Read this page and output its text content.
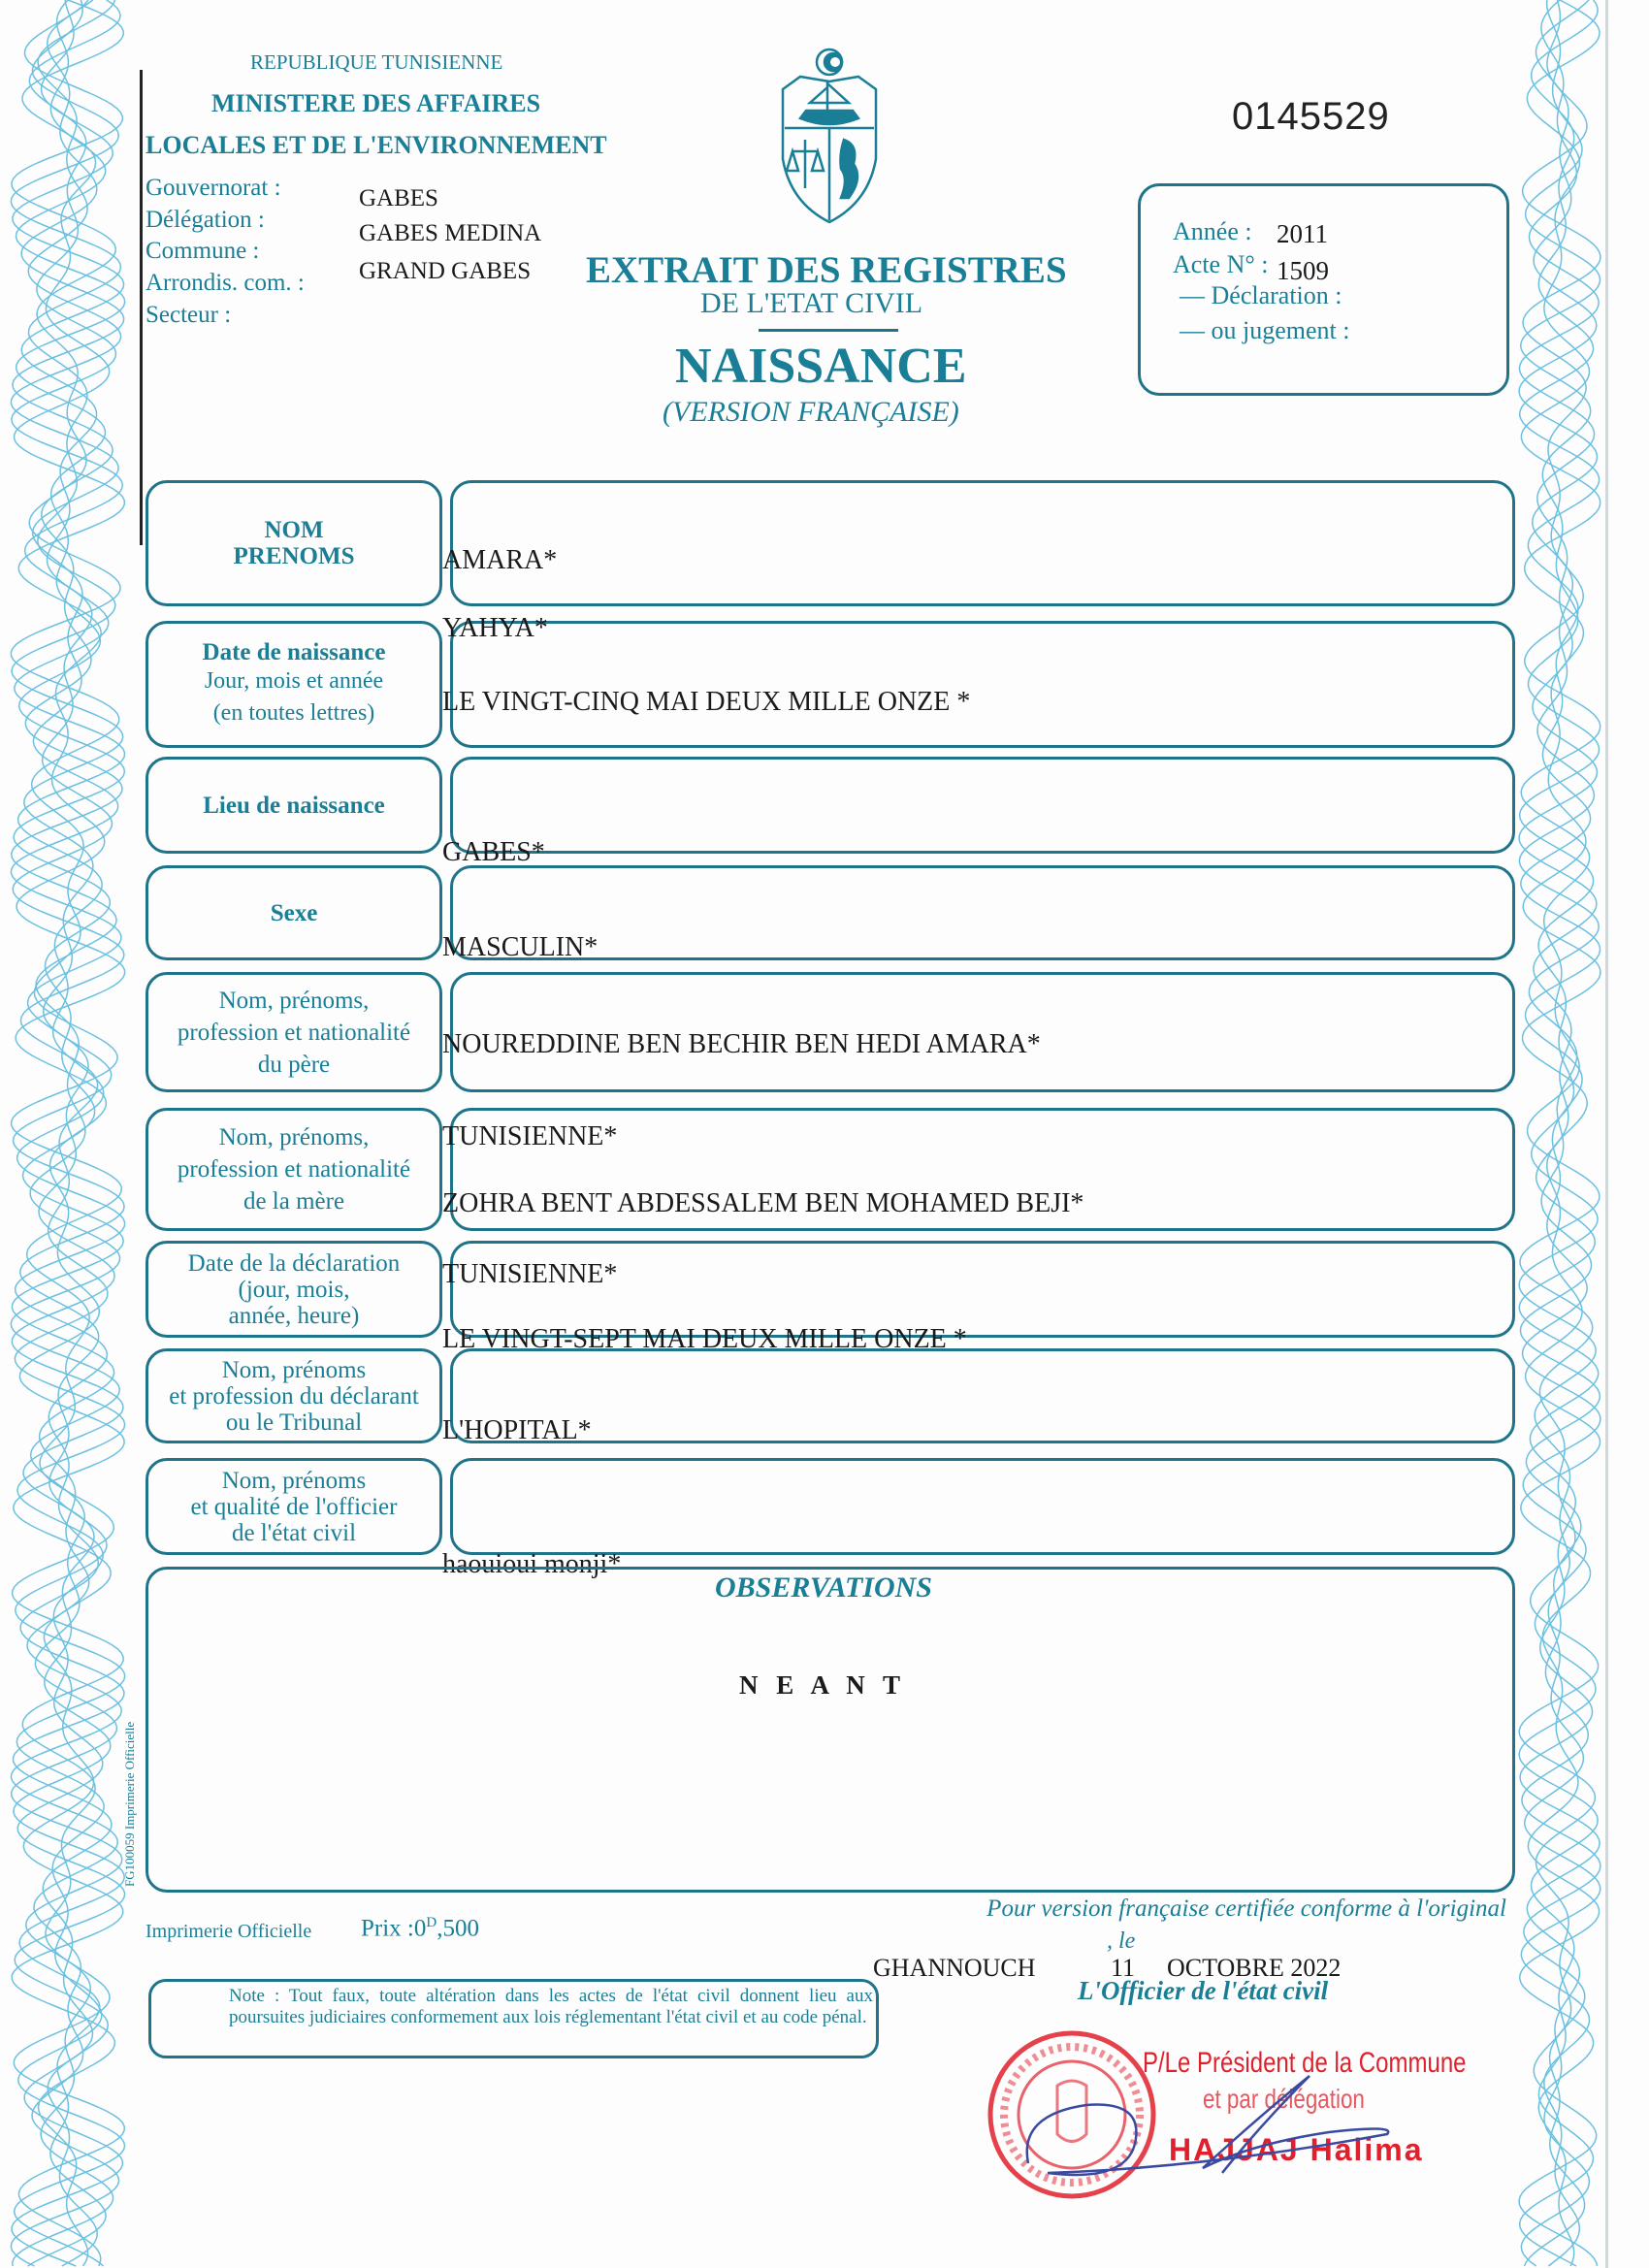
REPUBLIQUE TUNISIENNE
MINISTERE DES AFFAIRES
LOCALES ET DE L'ENVIRONNEMENT
Gouvernorat :	GABES
Délégation :
GABES MEDINA
Commune :
GRAND GABES
Arrondis. com. :
Secteur :
0145529
EXTRAIT DES REGISTRES
DE L'ETAT CIVIL
NAISSANCE
(VERSION FRANÇAISE)
Année : 2011
Acte N° : 1509
— Déclaration :
— ou jugement :
NOM
PRENOMS
Date de naissance
Jour, mois et année
(en toutes lettres)
Lieu de naissance
Sexe
Nom, prénoms,
profession et nationalité
du père
Nom, prénoms,
profession et nationalité
de la mère
Date de la déclaration
(jour, mois,
année, heure)
Nom, prénoms
et profession du déclarant
ou le Tribunal
Nom, prénoms
et qualité de l'officier
de l'état civil
AMARA*
YAHYA*
LE VINGT-CINQ MAI DEUX MILLE ONZE *
GABES*
MASCULIN*
NOUREDDINE BEN BECHIR BEN HEDI AMARA*
TUNISIENNE*
ZOHRA BENT ABDESSALEM BEN MOHAMED BEJI*
TUNISIENNE*
LE VINGT-SEPT MAI DEUX MILLE ONZE *
L'HOPITAL*
haouioui monji*
OBSERVATIONS
N E A N T
FG100059 Imprimerie Officielle
Imprimerie Officielle Prix $:0^D,500$
Pour version française certifiée conforme à l'original
, le
GHANNOUCH	11 OCTOBRE 2022
L'Officier de l'état civil
Note : Tout faux, toute altération dans les actes de l'état civil donnent lieu aux poursuites judiciaires conformement aux lois réglementant l'état civil et au code pénal.
P/Le Président de la Commune
et par délégation
HAJJAJ Halima
